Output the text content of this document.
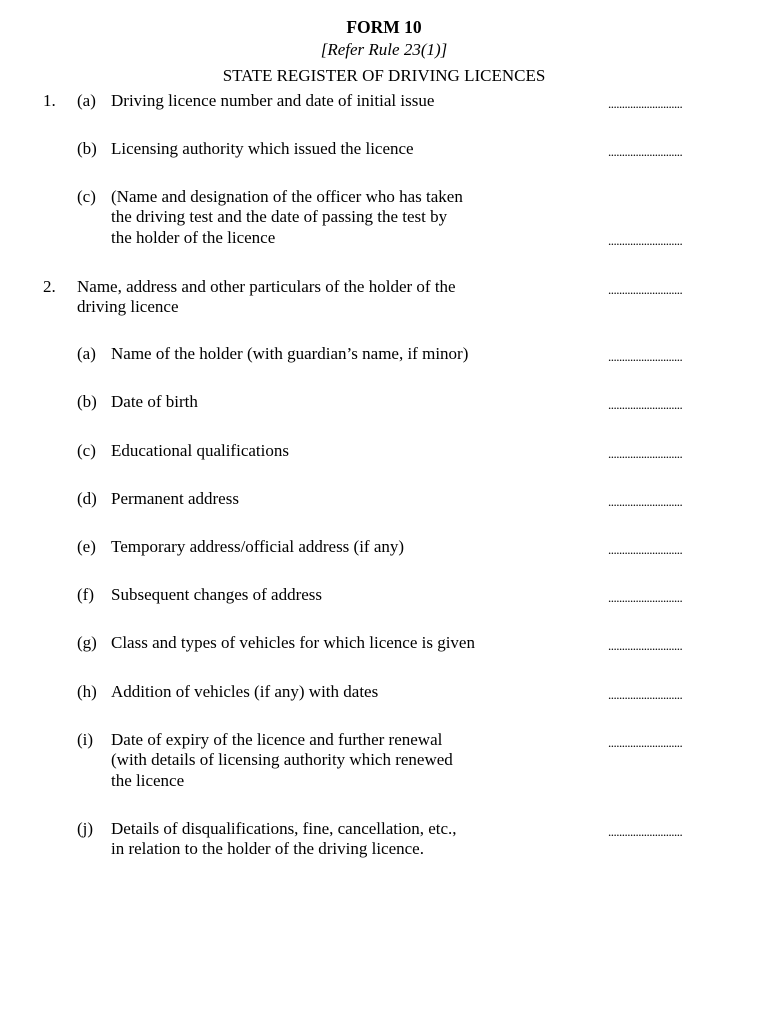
FORM 10
[Refer Rule 23(1)]
STATE REGISTER OF DRIVING LICENCES
1. (a) Driving licence number and date of initial issue	...........................
(b) Licensing authority which issued the licence	...........................
(c) (Name and designation of the officer who has taken
the driving test and the date of passing the test by
the holder of the licence	...........................
2. Name, address and other particulars of the holder of the
driving licence
...........................
(a) Name of the holder (with guardian’s name, if minor)	...........................
(b) Date of birth	...........................
(c) Educational qualifications	...........................
(d) Permanent address	...........................
(e) Temporary address/official address (if any)	...........................
(f) Subsequent changes of address	...........................
(g) Class and types of vehicles for which licence is given	...........................
(h) Addition of vehicles (if any) with dates	...........................
(i) Date of expiry of the licence and further renewal
(with details of licensing authority which renewed
the licence
...........................
(j) Details of disqualifications, fine, cancellation, etc.,
in relation to the holder of the driving licence.
...........................
